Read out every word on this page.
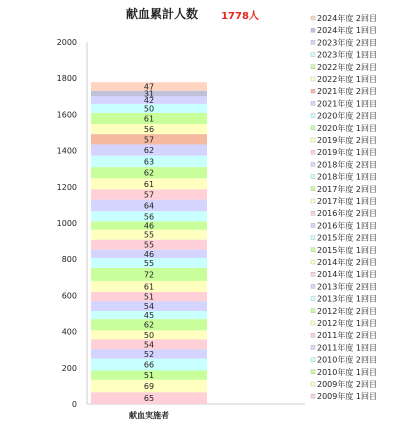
献血累計人数 1778人
0
200
400
600
800
1000
1200
1400
1600
1800
2000
65
69
51
66
52
54
50
62
45
54
51
61
72
55
46
55
55
46
56
64
57
61
62
63
62
57
56
61
50
42
31
47
献血実施者
2024年度 2回目
2024年度 1回目
2023年度 2回目
2023年度 1回目
2022年度 2回目
2022年度 1回目
2021年度 2回目
2021年度 1回目
2020年度 2回目
2020年度 1回目
2019年度 2回目
2019年度 1回目
2018年度 2回目
2018年度 1回目
2017年度 2回目
2017年度 1回目
2016年度 2回目
2016年度 1回目
2015年度 2回目
2015年度 1回目
2014年度 2回目
2014年度 1回目
2013年度 2回目
2013年度 1回目
2012年度 2回目
2012年度 1回目
2011年度 2回目
2011年度 1回目
2010年度 2回目
2010年度 1回目
2009年度 2回目
2009年度 1回目
